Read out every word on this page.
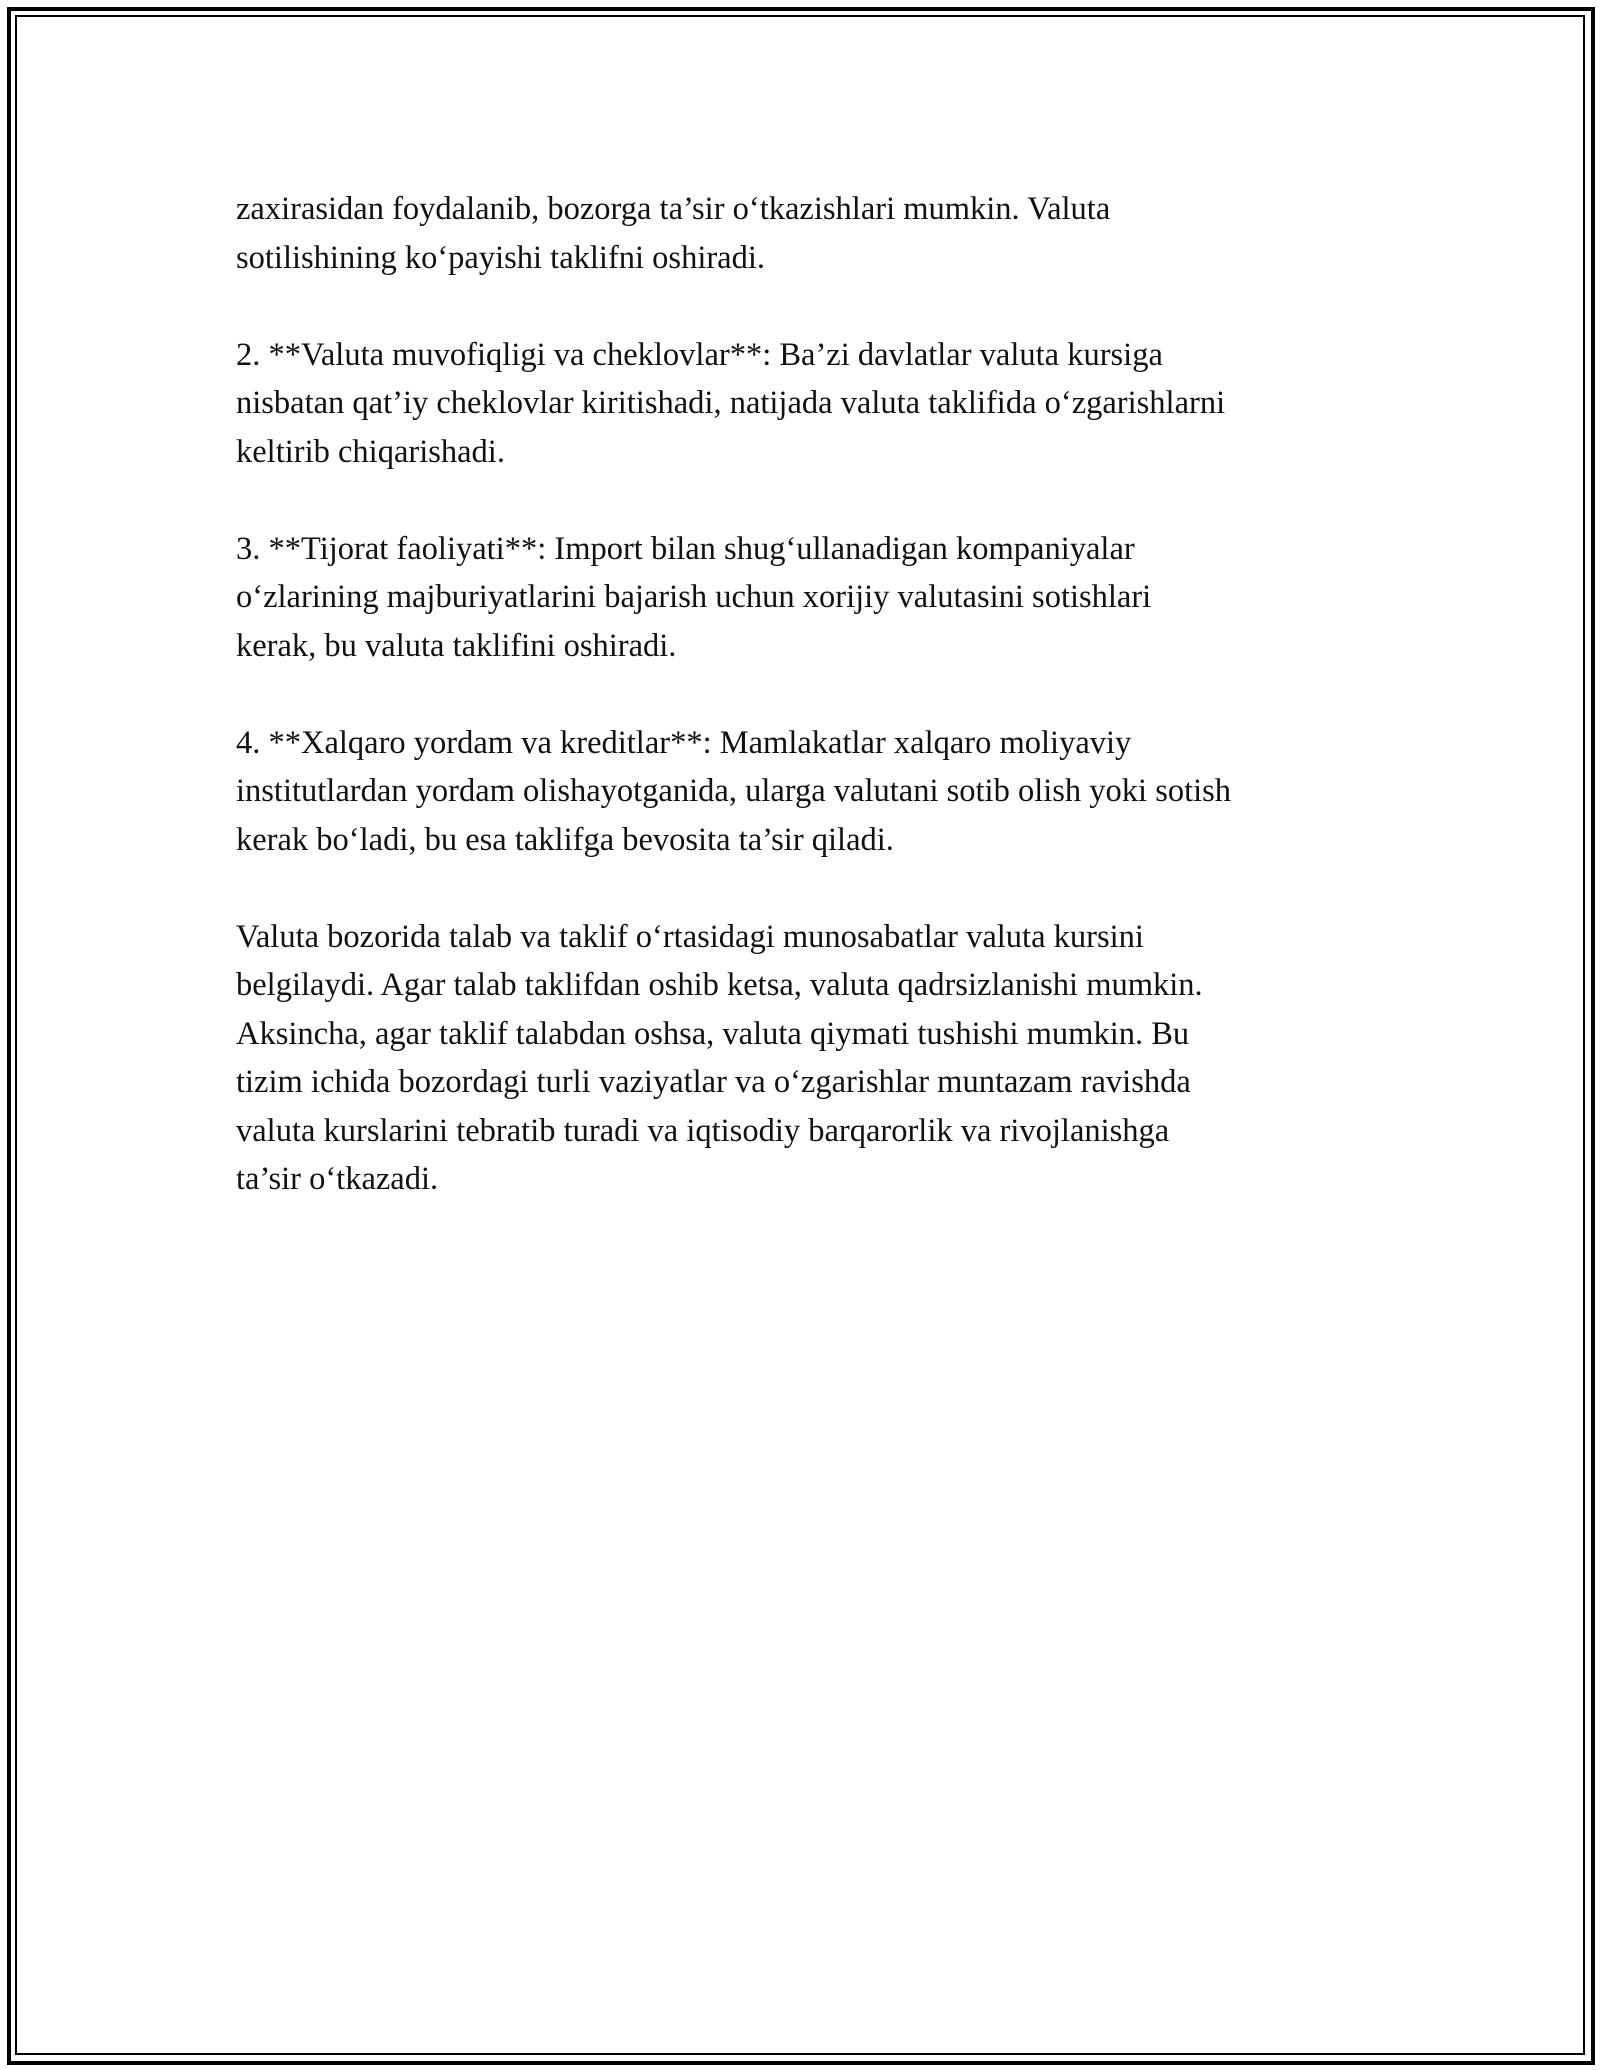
zaxirasidan foydalanib, bozorga ta’sir o‘tkazishlari mumkin. Valuta
sotilishining ko‘payishi taklifni oshiradi.

2. **Valuta muvofiqligi va cheklovlar**: Ba’zi davlatlar valuta kursiga
nisbatan qat’iy cheklovlar kiritishadi, natijada valuta taklifida o‘zgarishlarni
keltirib chiqarishadi.

3. **Tijorat faoliyati**: Import bilan shug‘ullanadigan kompaniyalar
o‘zlarining majburiyatlarini bajarish uchun xorijiy valutasini sotishlari
kerak, bu valuta taklifini oshiradi.

4. **Xalqaro yordam va kreditlar**: Mamlakatlar xalqaro moliyaviy
institutlardan yordam olishayotganida, ularga valutani sotib olish yoki sotish
kerak bo‘ladi, bu esa taklifga bevosita ta’sir qiladi.

Valuta bozorida talab va taklif o‘rtasidagi munosabatlar valuta kursini
belgilaydi. Agar talab taklifdan oshib ketsa, valuta qadrsizlanishi mumkin.
Aksincha, agar taklif talabdan oshsa, valuta qiymati tushishi mumkin. Bu
tizim ichida bozordagi turli vaziyatlar va o‘zgarishlar muntazam ravishda
valuta kurslarini tebratib turadi va iqtisodiy barqarorlik va rivojlanishga
ta’sir o‘tkazadi.
